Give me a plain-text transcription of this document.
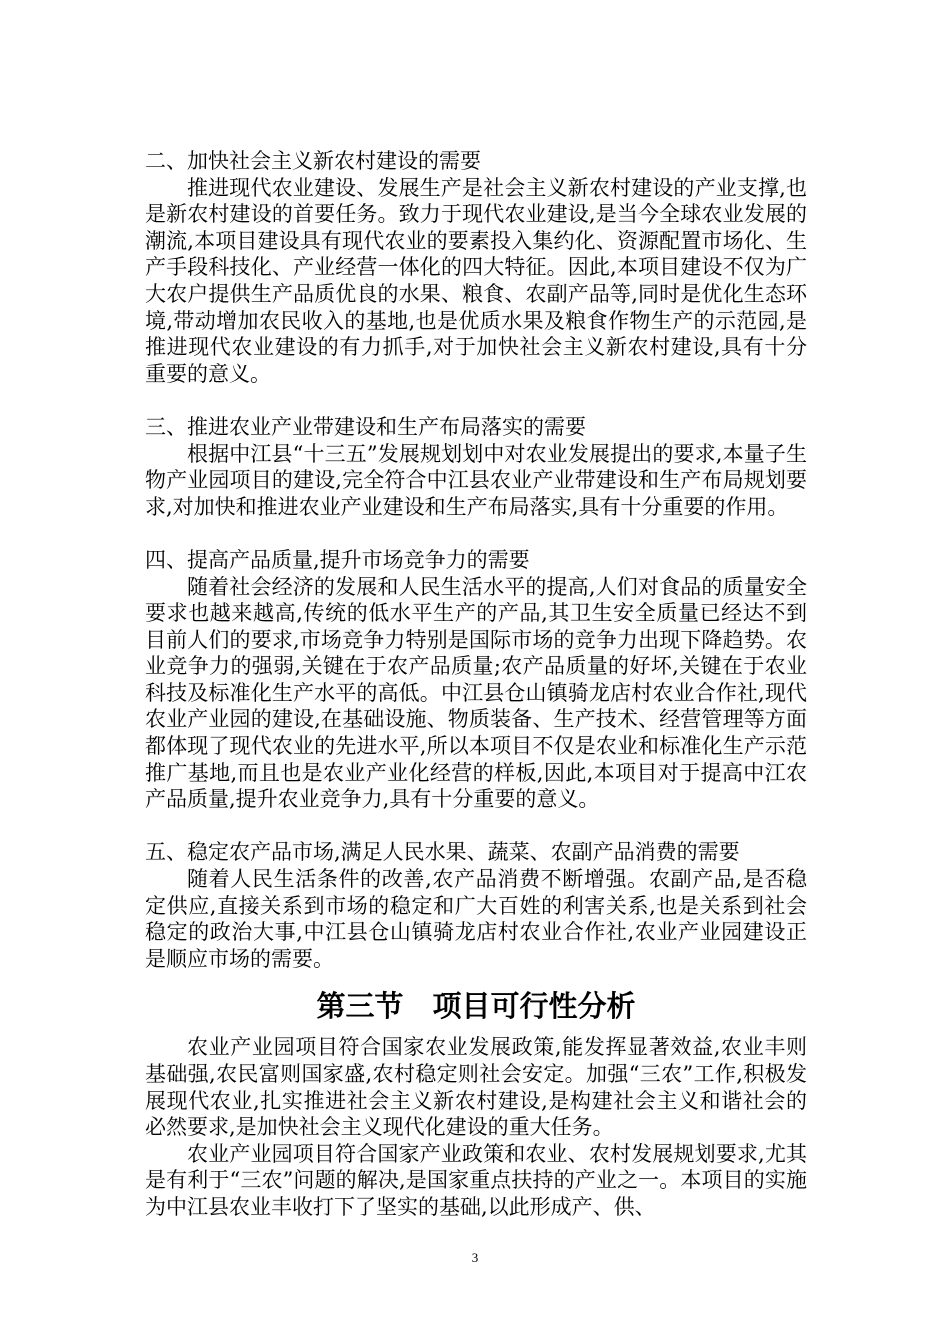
二、加快社会主义新农村建设的需要

推进现代农业建设、发展生产是社会主义新农村建设的产业支撑,也是新农村建设的首要任务。致力于现代农业建设,是当今全球农业发展的潮流,本项目建设具有现代农业的要素投入集约化、资源配置市场化、生产手段科技化、产业经营一体化的四大特征。因此,本项目建设不仅为广大农户提供生产品质优良的水果、粮食、农副产品等,同时是优化生态环境,带动增加农民收入的基地,也是优质水果及粮食作物生产的示范园,是推进现代农业建设的有力抓手,对于加快社会主义新农村建设,具有十分重要的意义。

三、推进农业产业带建设和生产布局落实的需要

根据中江县“十三五”发展规划划中对农业发展提出的要求,本量子生物产业园项目的建设,完全符合中江县农业产业带建设和生产布局规划要求,对加快和推进农业产业建设和生产布局落实,具有十分重要的作用。

四、提高产品质量,提升市场竞争力的需要

随着社会经济的发展和人民生活水平的提高,人们对食品的质量安全要求也越来越高,传统的低水平生产的产品,其卫生安全质量已经达不到目前人们的要求,市场竞争力特别是国际市场的竞争力出现下降趋势。农业竞争力的强弱,关键在于农产品质量;农产品质量的好坏,关键在于农业科技及标准化生产水平的高低。中江县仓山镇骑龙店村农业合作社,现代农业产业园的建设,在基础设施、物质装备、生产技术、经营管理等方面都体现了现代农业的先进水平,所以本项目不仅是农业和标准化生产示范推广基地,而且也是农业产业化经营的样板,因此,本项目对于提高中江农产品质量,提升农业竞争力,具有十分重要的意义。

五、稳定农产品市场,满足人民水果、蔬菜、农副产品消费的需要

随着人民生活条件的改善,农产品消费不断增强。农副产品,是否稳定供应,直接关系到市场的稳定和广大百姓的利害关系,也是关系到社会稳定的政治大事,中江县仓山镇骑龙店村农业合作社,农业产业园建设正是顺应市场的需要。

第三节　项目可行性分析

农业产业园项目符合国家农业发展政策,能发挥显著效益,农业丰则基础强,农民富则国家盛,农村稳定则社会安定。加强“三农”工作,积极发展现代农业,扎实推进社会主义新农村建设,是构建社会主义和谐社会的必然要求,是加快社会主义现代化建设的重大任务。

农业产业园项目符合国家产业政策和农业、农村发展规划要求,尤其是有利于“三农”问题的解决,是国家重点扶持的产业之一。本项目的实施为中江县农业丰收打下了坚实的基础,以此形成产、供、

3
